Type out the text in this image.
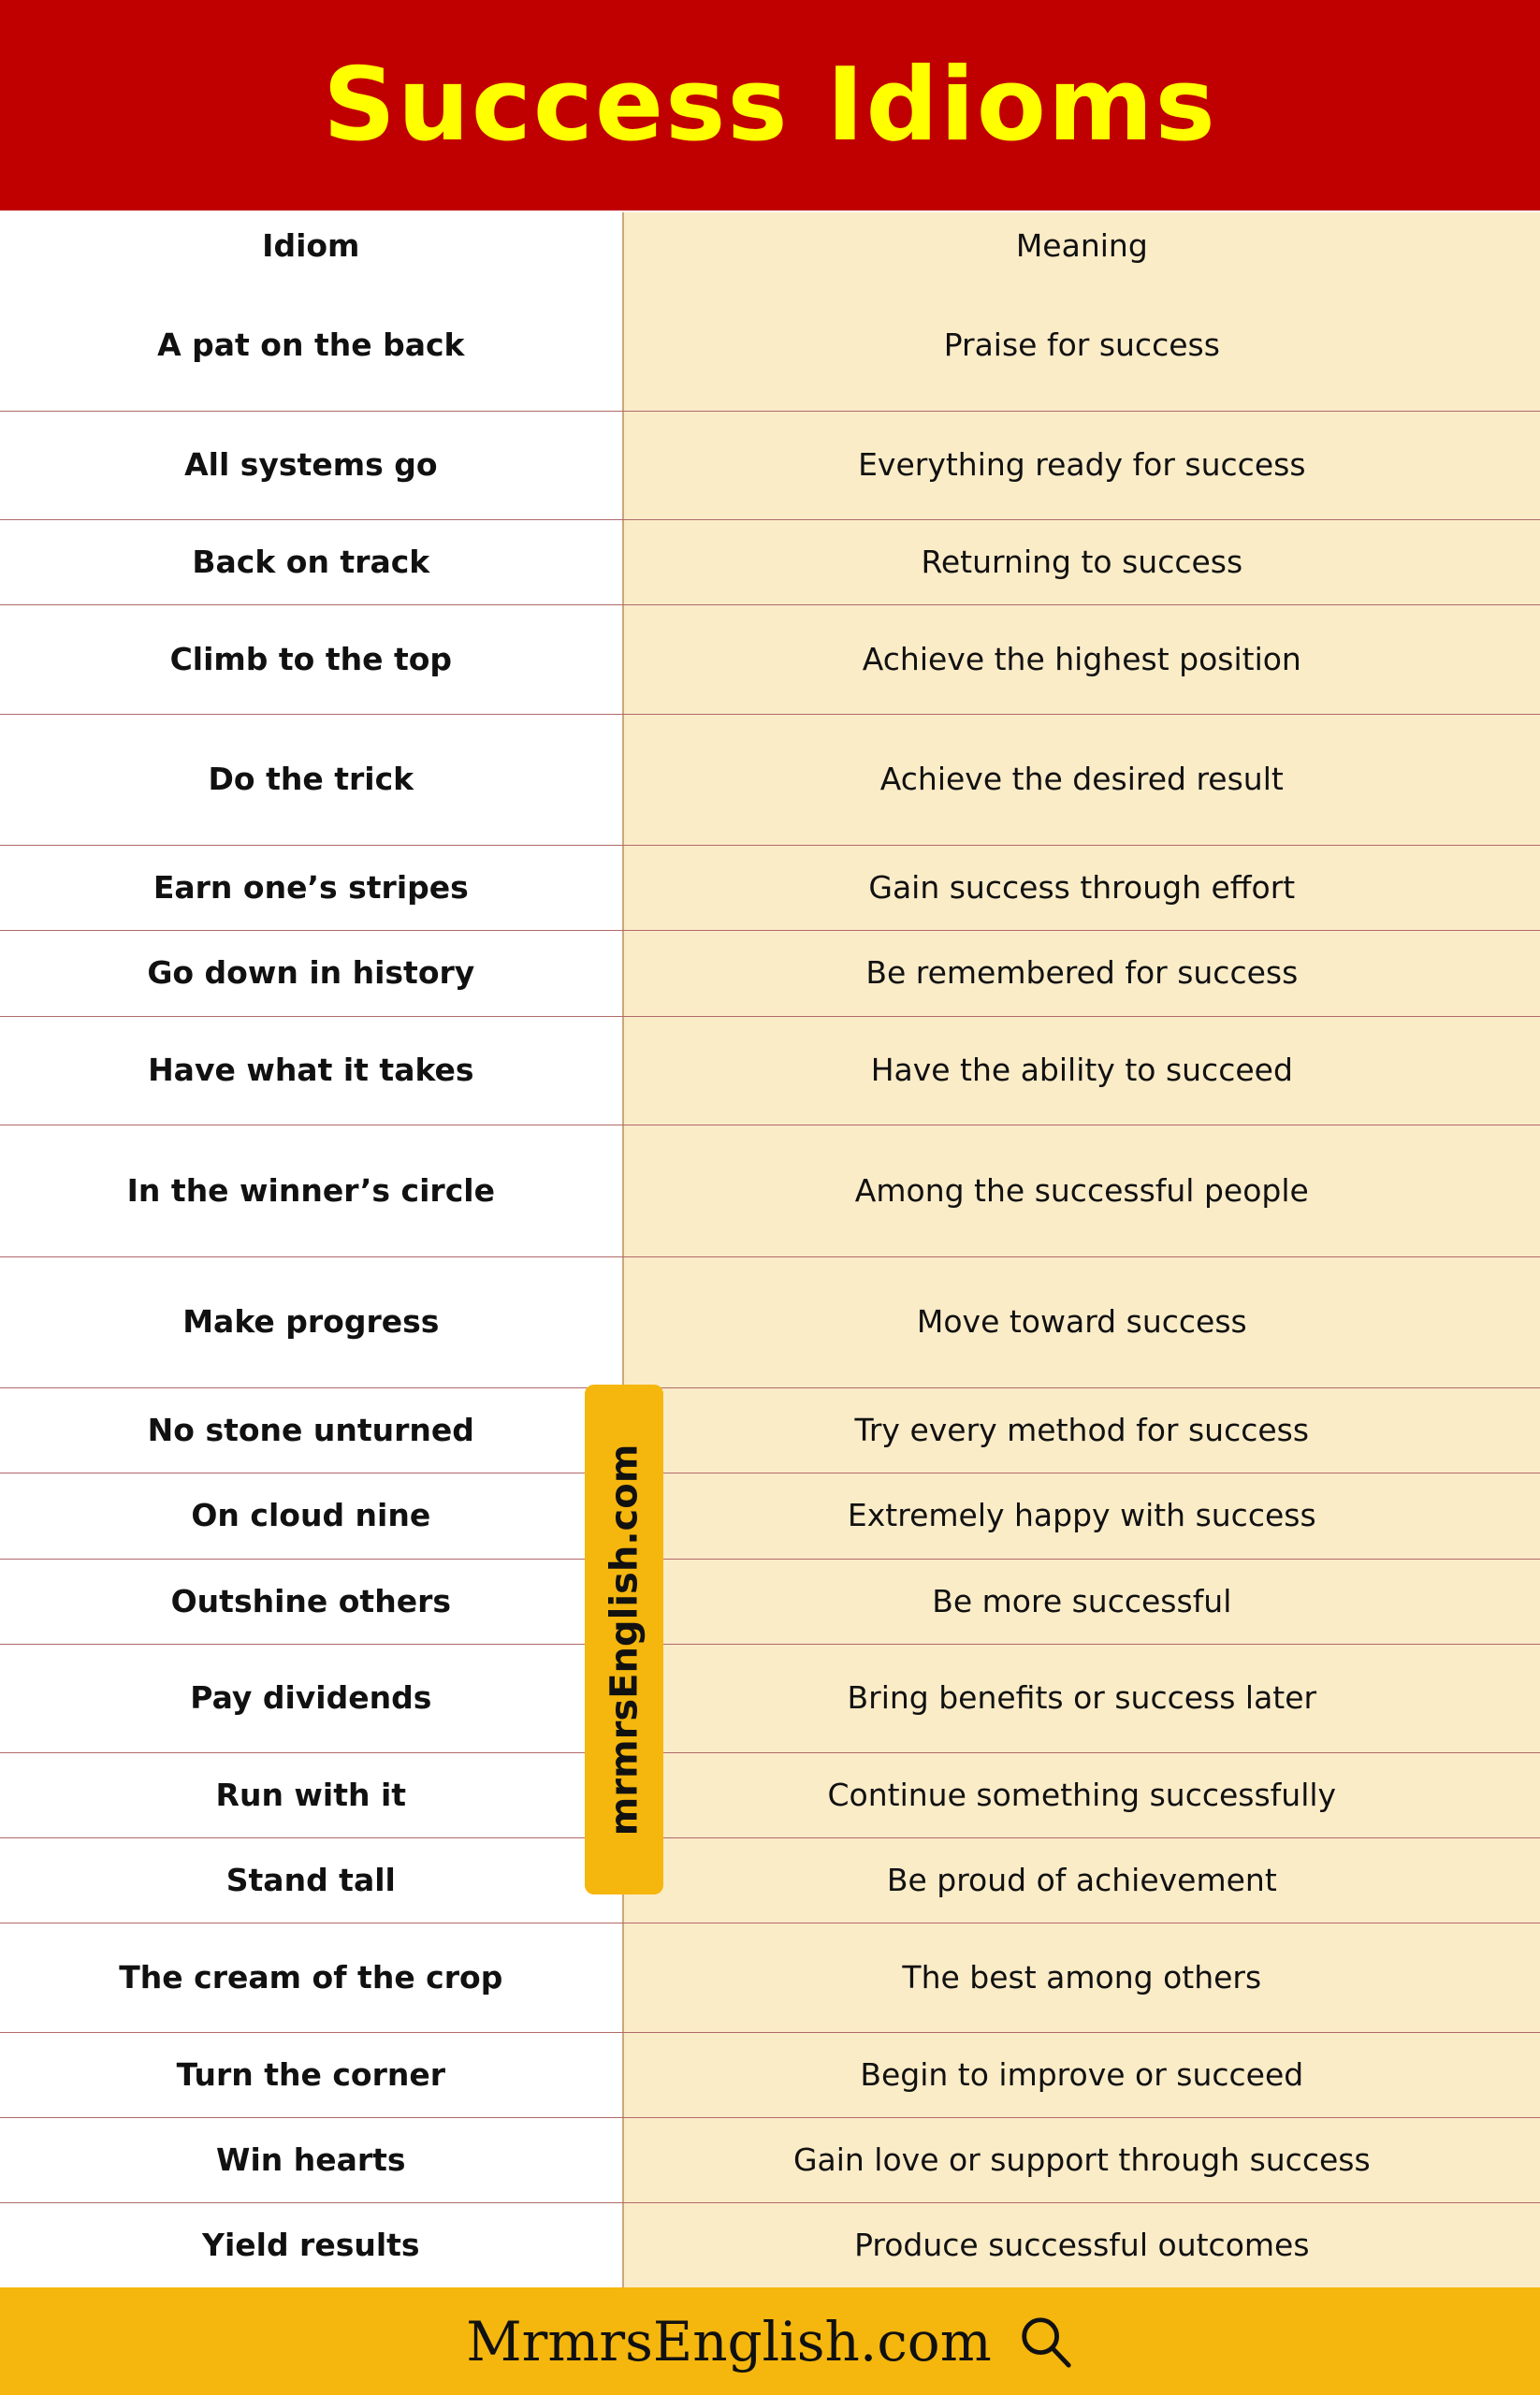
Success Idioms
Idiom	Meaning
A pat on the back	Praise for success
All systems go	Everything ready for success
Back on track	Returning to success
Climb to the top	Achieve the highest position
Do the trick	Achieve the desired result
Earn one’s stripes	Gain success through effort
Go down in history	Be remembered for success
Have what it takes	Have the ability to succeed
In the winner’s circle	Among the successful people
Make progress	Move toward success
No stone unturned	Try every method for success
On cloud nine	Extremely happy with success
Outshine others	Be more successful
Pay dividends	Bring benefits or success later
Run with it	Continue something successfully
Stand tall	Be proud of achievement
The cream of the crop	The best among others
Turn the corner	Begin to improve or succeed
Win hearts	Gain love or support through success
Yield results	Produce successful outcomes
mrmrsEnglish.com
MrmrsEnglish.com
